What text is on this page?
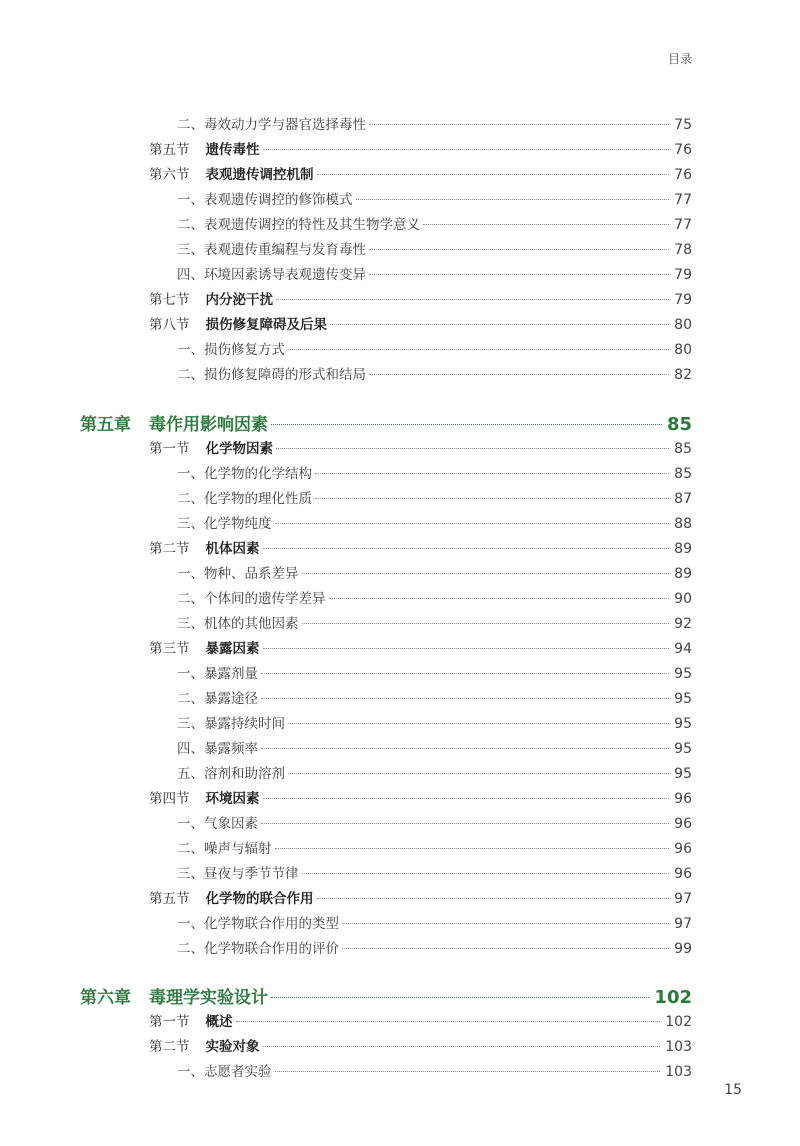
目录
二、毒效动力学与器官选择毒性	75
第五节 遗传毒性	76
第六节 表观遗传调控机制	76
一、表观遗传调控的修饰模式	77
二、表观遗传调控的特性及其生物学意义	77
三、表观遗传重编程与发育毒性	78
四、环境因素诱导表观遗传变异	79
第七节 内分泌干扰	79
第八节 损伤修复障碍及后果	80
一、损伤修复方式	80
二、损伤修复障碍的形式和结局	82
第五章 毒作用影响因素	85
第一节 化学物因素	85
一、化学物的化学结构	85
二、化学物的理化性质	87
三、化学物纯度	88
第二节 机体因素	89
一、物种、品系差异	89
二、个体间的遗传学差异	90
三、机体的其他因素	92
第三节 暴露因素	94
一、暴露剂量	95
二、暴露途径	95
三、暴露持续时间	95
四、暴露频率	95
五、溶剂和助溶剂	95
第四节 环境因素	96
一、气象因素	96
二、噪声与辐射	96
三、昼夜与季节节律	96
第五节 化学物的联合作用	97
一、化学物联合作用的类型	97
二、化学物联合作用的评价	99
第六章 毒理学实验设计	102
第一节 概述	102
第二节 实验对象	103
一、志愿者实验	103
15
